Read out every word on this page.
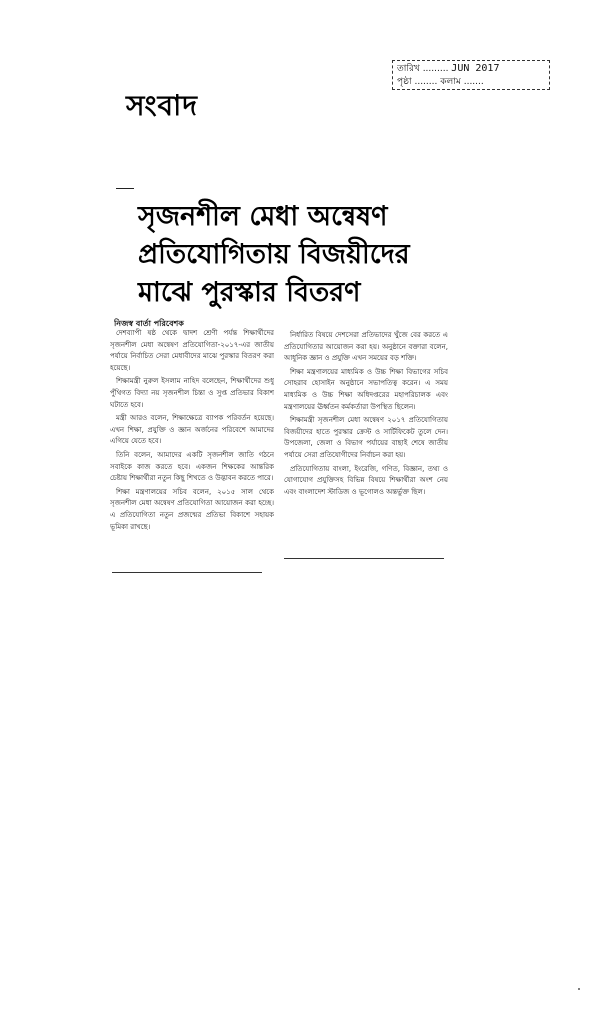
তারিখ ......... JUN 2017
পৃষ্ঠা ........ কলাম .......
সংবাদ
সৃজনশীল মেধা অন্বেষণ
প্রতিযোগিতায় বিজয়ীদের
মাঝে পুরস্কার বিতরণ
নিজস্ব বার্তা পরিবেশক

দেশব্যাপী ষষ্ঠ থেকে দ্বাদশ শ্রেণী পর্যন্ত শিক্ষার্থীদের সৃজনশীল মেধা অন্বেষণ প্রতিযোগিতা-২০১৭-এর জাতীয় পর্যায়ে নির্বাচিত সেরা মেধাবীদের মাঝে পুরস্কার বিতরণ করা হয়েছে।

শিক্ষামন্ত্রী নুরুল ইসলাম নাহিদ বলেছেন, শিক্ষার্থীদের শুধু পুঁথিগত বিদ্যা নয় সৃজনশীল চিন্তা ও সুপ্ত প্রতিভার বিকাশ ঘটাতে হবে।

মন্ত্রী আরও বলেন, শিক্ষাক্ষেত্রে ব্যাপক পরিবর্তন হয়েছে। এখন শিক্ষা, প্রযুক্তি ও জ্ঞান অর্জনের পরিবেশে আমাদের এগিয়ে যেতে হবে।

তিনি বলেন, আমাদের একটি সৃজনশীল জাতি গঠনে সবাইকে কাজ করতে হবে। একজন শিক্ষকের আন্তরিক চেষ্টায় শিক্ষার্থীরা নতুন কিছু শিখতে ও উদ্ভাবন করতে পারে।

শিক্ষা মন্ত্রণালয়ের সচিব বলেন, ২০১৫ সাল থেকে সৃজনশীল মেধা অন্বেষণ প্রতিযোগিতা আয়োজন করা হচ্ছে। এ প্রতিযোগিতা নতুন প্রজন্মের প্রতিভা বিকাশে সহায়ক ভূমিকা রাখছে।

নির্ধারিত বিষয়ে দেশসেরা প্রতিভাদের খুঁজে বের করতে এ প্রতিযোগিতার আয়োজন করা হয়। অনুষ্ঠানে বক্তারা বলেন, আধুনিক জ্ঞান ও প্রযুক্তি এখন সময়ের বড় শক্তি।

শিক্ষা মন্ত্রণালয়ের মাধ্যমিক ও উচ্চ শিক্ষা বিভাগের সচিব সোহরাব হোসাইন অনুষ্ঠানে সভাপতিত্ব করেন। এ সময় মাধ্যমিক ও উচ্চ শিক্ষা অধিদপ্তরের মহাপরিচালক এবং মন্ত্রণালয়ের ঊর্ধ্বতন কর্মকর্তারা উপস্থিত ছিলেন।

শিক্ষামন্ত্রী সৃজনশীল মেধা অন্বেষণ ২০১৭ প্রতিযোগিতায় বিজয়ীদের হাতে পুরস্কার ক্রেস্ট ও সার্টিফিকেট তুলে দেন। উপজেলা, জেলা ও বিভাগ পর্যায়ের বাছাই শেষে জাতীয় পর্যায়ে সেরা প্রতিযোগীদের নির্বাচন করা হয়।

প্রতিযোগিতায় বাংলা, ইংরেজি, গণিত, বিজ্ঞান, তথ্য ও যোগাযোগ প্রযুক্তিসহ বিভিন্ন বিষয়ে শিক্ষার্থীরা অংশ নেয় এবং বাংলাদেশ স্টাডিজ ও ভূগোলও অন্তর্ভুক্ত ছিল।
